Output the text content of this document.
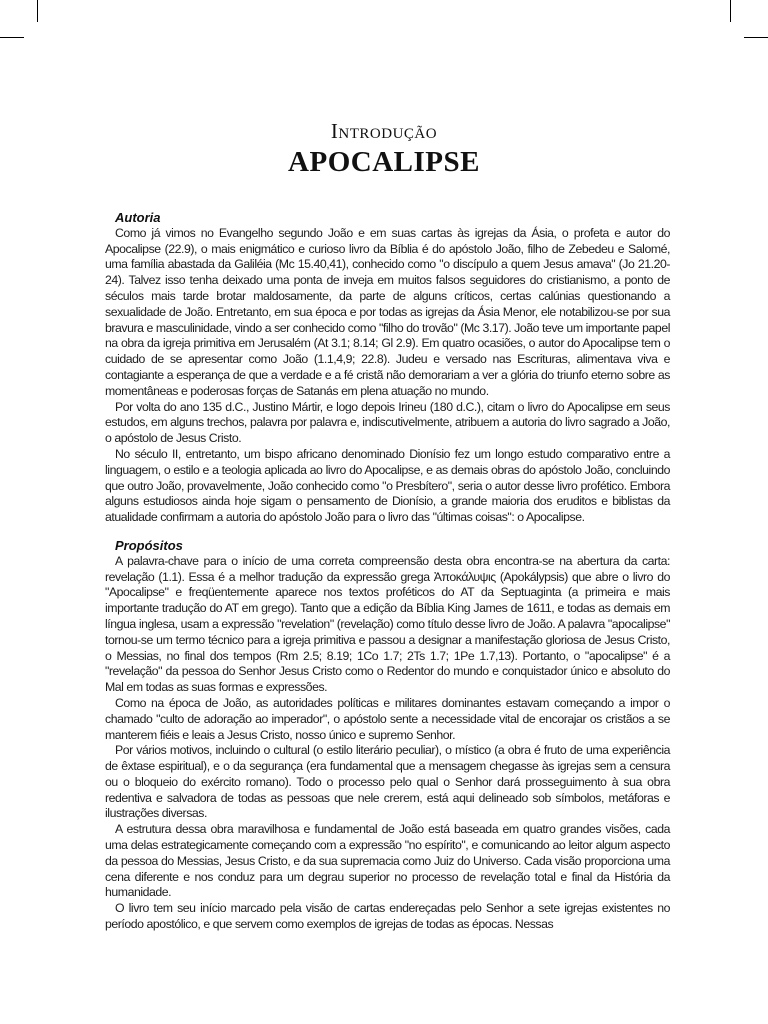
Introdução
APOCALIPSE

Autoria

Como já vimos no Evangelho segundo João e em suas cartas às igrejas da Ásia, o profeta e autor do Apocalipse (22.9), o mais enigmático e curioso livro da Bíblia é do apóstolo João, filho de Zebedeu e Salomé, uma família abastada da Galiléia (Mc 15.40,41), conhecido como "o discípulo a quem Jesus amava" (Jo 21.20-24). Talvez isso tenha deixado uma ponta de inveja em muitos falsos seguidores do cristianismo, a ponto de séculos mais tarde brotar maldosamente, da parte de alguns críticos, certas calúnias questionando a sexualidade de João. Entretanto, em sua época e por todas as igrejas da Ásia Menor, ele notabilizou-se por sua bravura e masculinidade, vindo a ser conhecido como "filho do trovão" (Mc 3.17). João teve um importante papel na obra da igreja primitiva em Jerusalém (At 3.1; 8.14; Gl 2.9). Em quatro ocasiões, o autor do Apocalipse tem o cuidado de se apresentar como João (1.1,4,9; 22.8). Judeu e versado nas Escrituras, alimentava viva e contagiante a esperança de que a verdade e a fé cristã não demorariam a ver a glória do triunfo eterno sobre as momentâneas e poderosas forças de Satanás em plena atuação no mundo.

Por volta do ano 135 d.C., Justino Mártir, e logo depois Irineu (180 d.C.), citam o livro do Apocalipse em seus estudos, em alguns trechos, palavra por palavra e, indiscutivelmente, atribuem a autoria do livro sagrado a João, o apóstolo de Jesus Cristo.

No século II, entretanto, um bispo africano denominado Dionísio fez um longo estudo comparativo entre a linguagem, o estilo e a teologia aplicada ao livro do Apocalipse, e as demais obras do apóstolo João, concluindo que outro João, provavelmente, João conhecido como "o Presbítero", seria o autor desse livro profético. Embora alguns estudiosos ainda hoje sigam o pensamento de Dionísio, a grande maioria dos eruditos e biblistas da atualidade confirmam a autoria do apóstolo João para o livro das "últimas coisas": o Apocalipse.

Propósitos

A palavra-chave para o início de uma correta compreensão desta obra encontra-se na abertura da carta: revelação (1.1). Essa é a melhor tradução da expressão grega Ἀποκάλυψις (Apokálypsis) que abre o livro do "Apocalipse" e freqüentemente aparece nos textos proféticos do AT da Septuaginta (a primeira e mais importante tradução do AT em grego). Tanto que a edição da Bíblia King James de 1611, e todas as demais em língua inglesa, usam a expressão "revelation" (revelação) como título desse livro de João. A palavra "apocalipse" tornou-se um termo técnico para a igreja primitiva e passou a designar a manifestação gloriosa de Jesus Cristo, o Messias, no final dos tempos (Rm 2.5; 8.19; 1Co 1.7; 2Ts 1.7; 1Pe 1.7,13). Portanto, o "apocalipse" é a "revelação" da pessoa do Senhor Jesus Cristo como o Redentor do mundo e conquistador único e absoluto do Mal em todas as suas formas e expressões.

Como na época de João, as autoridades políticas e militares dominantes estavam começando a impor o chamado "culto de adoração ao imperador", o apóstolo sente a necessidade vital de encorajar os cristãos a se manterem fiéis e leais a Jesus Cristo, nosso único e supremo Senhor.

Por vários motivos, incluindo o cultural (o estilo literário peculiar), o místico (a obra é fruto de uma experiência de êxtase espiritual), e o da segurança (era fundamental que a mensagem chegasse às igrejas sem a censura ou o bloqueio do exército romano). Todo o processo pelo qual o Senhor dará prosseguimento à sua obra redentiva e salvadora de todas as pessoas que nele crerem, está aqui delineado sob símbolos, metáforas e ilustrações diversas.

A estrutura dessa obra maravilhosa e fundamental de João está baseada em quatro grandes visões, cada uma delas estrategicamente começando com a expressão "no espírito", e comunicando ao leitor algum aspecto da pessoa do Messias, Jesus Cristo, e da sua supremacia como Juiz do Universo. Cada visão proporciona uma cena diferente e nos conduz para um degrau superior no processo de revelação total e final da História da humanidade.

O livro tem seu início marcado pela visão de cartas endereçadas pelo Senhor a sete igrejas existentes no período apostólico, e que servem como exemplos de igrejas de todas as épocas. Nessas
